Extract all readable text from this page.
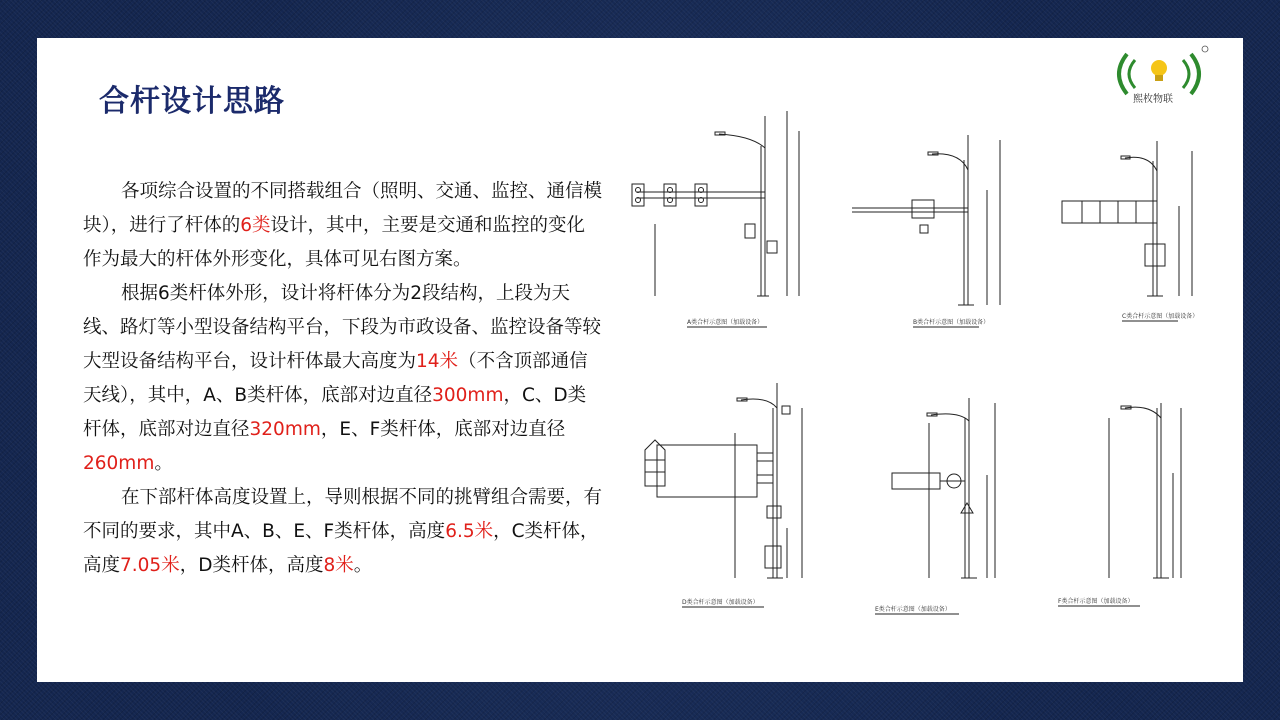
合杆设计思路	熙枚物联

各项综合设置的不同搭载组合（照明、交通、监控、通信模块），进行了杆体的6类设计，其中，主要是交通和监控的变化作为最大的杆体外形变化，具体可见右图方案。

根据6类杆体外形，设计将杆体分为2段结构，上段为天线、路灯等小型设备结构平台，下段为市政设备、监控设备等较大型设备结构平台，设计杆体最大高度为14米（不含顶部通信天线），其中，A、B类杆体，底部对边直径300mm，C、D类杆体，底部对边直径320mm，E、F类杆体，底部对边直径260mm。

在下部杆体高度设置上，导则根据不同的挑臂组合需要，有不同的要求，其中A、B、E、F类杆体，高度6.5米，C类杆体，高度7.05米，D类杆体，高度8米。

A类合杆示意图（加载设备）	B类合杆示意图（加载设备）
C类合杆示意图（加载设备）
D类合杆示意图（加载设备）
E类合杆示意图（加载设备）
F类合杆示意图（加载设备）
